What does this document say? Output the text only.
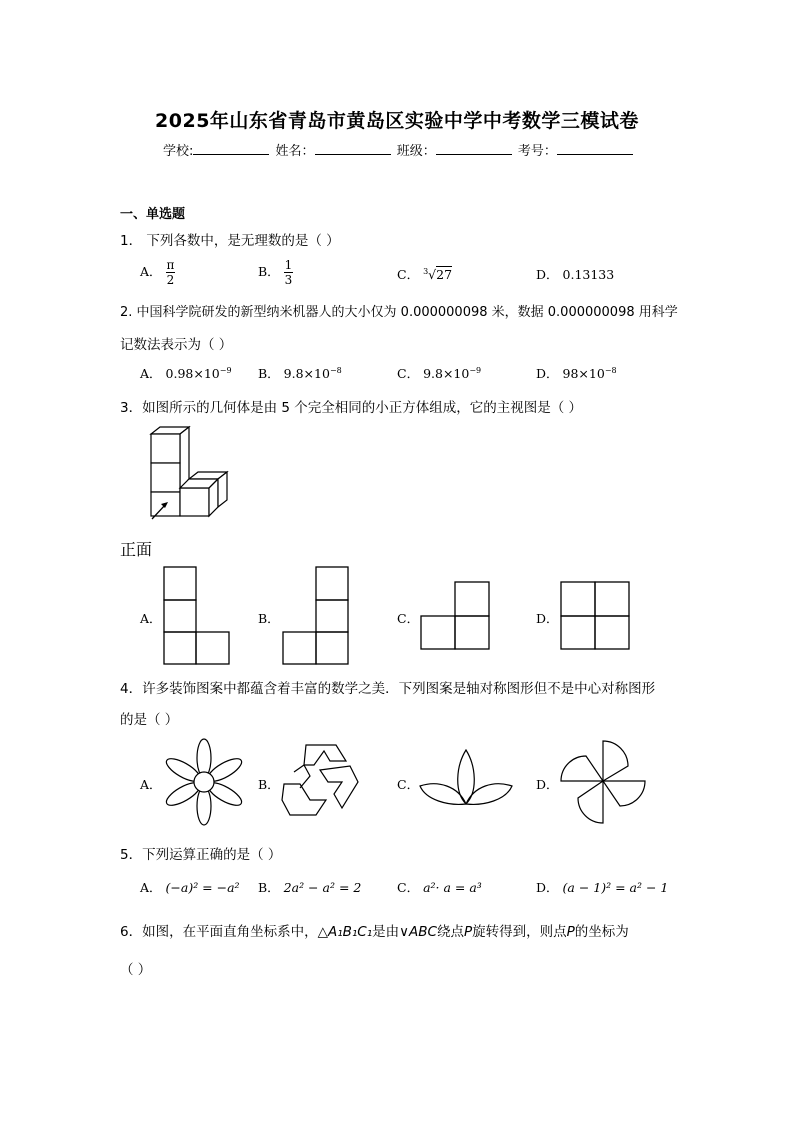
2025年山东省青岛市黄岛区实验中学中考数学三模试卷
学校:	姓名：	班级：	考号：
一、单选题
1． 下列各数中，是无理数的是（ ）
A． $\frac{\pi}{2}$	B． $\frac{1}{3}$	C． $^3$√27	D． 0.13133
2. 中国科学院研发的新型纳米机器人的大小仅为 0.000000098 米，数据 0.000000098 用科学
记数法表示为（ ）
A． $0.98\times 10^{-9}$ B． $9.8\times 10^{-8}$	C． $9.8\times 10^{-9}$	D． $98\times 10^{-8}$
3．如图所示的几何体是由 5 个完全相同的小正方体组成，它的主视图是（ ）
正面
A．	B．	C．	D．
4．许多装饰图案中都蕴含着丰富的数学之美．下列图案是轴对称图形但不是中心对称图形
的是（ ）
A．	B．	C．	D．
5．下列运算正确的是（ ）
A． (−a)² = −a² B． 2a² − a² = 2	C． a²· a = a³	D． (a − 1)² = a² − 1
6．如图，在平面直角坐标系中，△A₁B₁C₁是由∨ABC绕点P旋转得到，则点P的坐标为
（ ）
